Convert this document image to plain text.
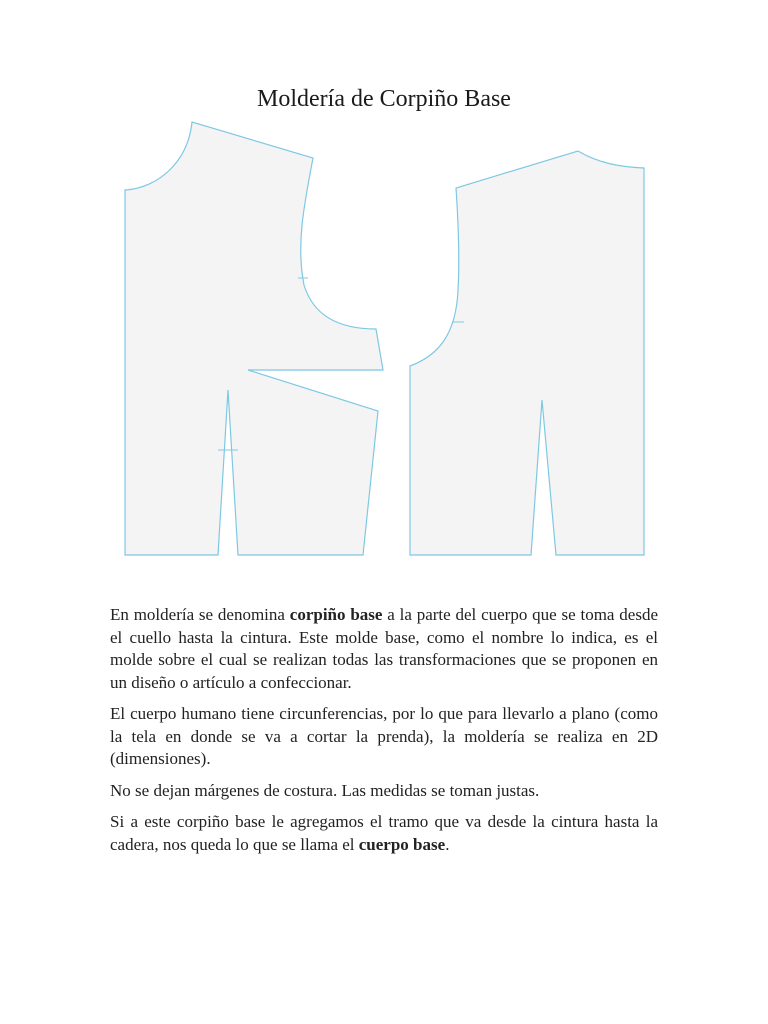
Moldería de Corpiño Base

En moldería se denomina corpiño base a la parte del cuerpo que se toma desde el cuello hasta la cintura. Este molde base, como el nombre lo indica, es el molde sobre el cual se realizan todas las transformaciones que se proponen en un diseño o artículo a confeccionar.

El cuerpo humano tiene circunferencias, por lo que para llevarlo a plano (como la tela en donde se va a cortar la prenda), la moldería se realiza en 2D (dimensiones).

No se dejan márgenes de costura. Las medidas se toman justas.

Si a este corpiño base le agregamos el tramo que va desde la cintura hasta la cadera, nos queda lo que se llama el cuerpo base.
